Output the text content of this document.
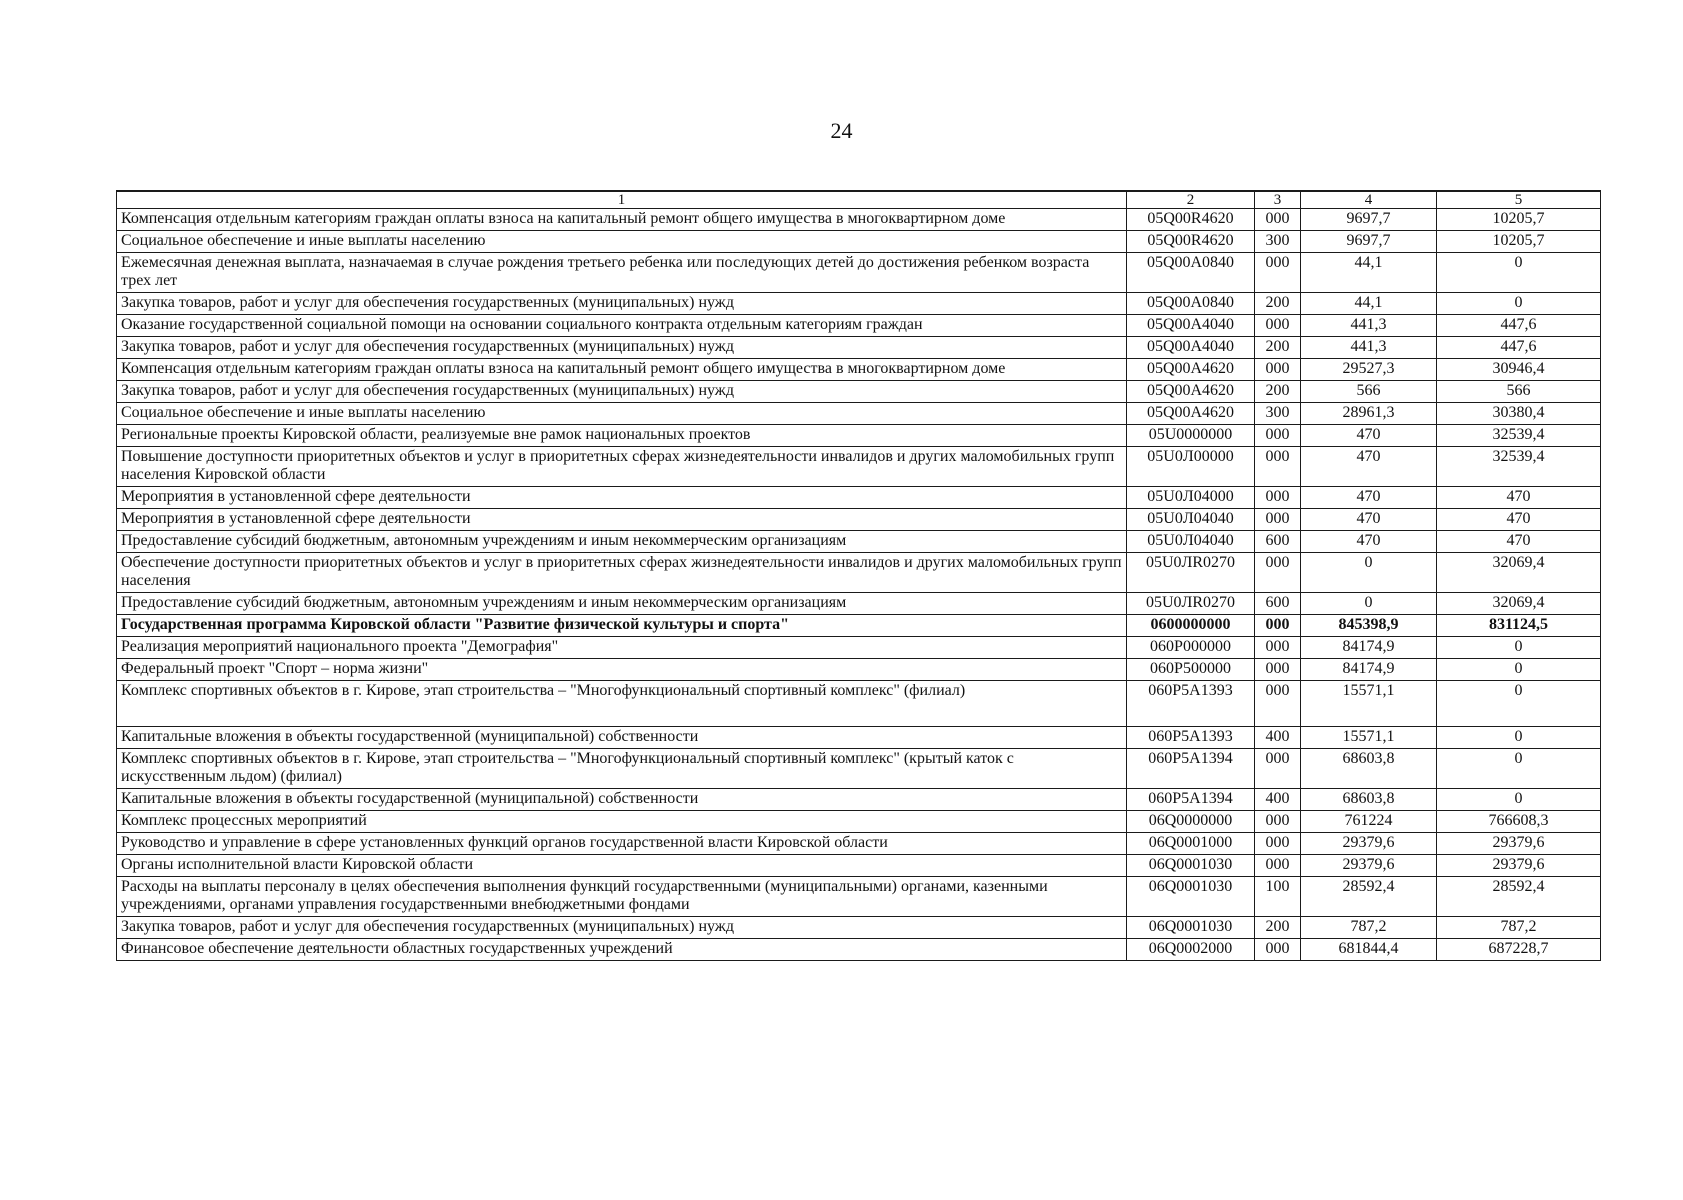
24
1	2	3	4	5
Компенсация отдельным категориям граждан оплаты взноса на капитальный ремонт общего имущества в многоквартирном доме	05Q00R4620	000	9697,7	10205,7
Социальное обеспечение и иные выплаты населению	05Q00R4620	300	9697,7	10205,7
Ежемесячная денежная выплата, назначаемая в случае рождения третьего ребенка или последующих детей до достижения ребенком возраста трех лет	05Q00A0840	000	44,1	0
Закупка товаров, работ и услуг для обеспечения государственных (муниципальных) нужд	05Q00A0840	200	44,1	0
Оказание государственной социальной помощи на основании социального контракта отдельным категориям граждан	05Q00A4040	000	441,3	447,6
Закупка товаров, работ и услуг для обеспечения государственных (муниципальных) нужд	05Q00A4040	200	441,3	447,6
Компенсация отдельным категориям граждан оплаты взноса на капитальный ремонт общего имущества в многоквартирном доме	05Q00A4620	000	29527,3	30946,4
Закупка товаров, работ и услуг для обеспечения государственных (муниципальных) нужд	05Q00A4620	200	566	566
Социальное обеспечение и иные выплаты населению	05Q00A4620	300	28961,3	30380,4
Региональные проекты Кировской области, реализуемые вне рамок национальных проектов	05U0000000	000	470	32539,4
Повышение доступности приоритетных объектов и услуг в приоритетных сферах жизнедеятельности инвалидов и других маломобильных групп населения Кировской области	05U0Л00000	000	470	32539,4
Мероприятия в установленной сфере деятельности	05U0Л04000	000	470	470
Мероприятия в установленной сфере деятельности	05U0Л04040	000	470	470
Предоставление субсидий бюджетным, автономным учреждениям и иным некоммерческим организациям	05U0Л04040	600	470	470
Обеспечение доступности приоритетных объектов и услуг в приоритетных сферах жизнедеятельности инвалидов и других маломобильных групп населения	05U0ЛR0270	000	0	32069,4
Предоставление субсидий бюджетным, автономным учреждениям и иным некоммерческим организациям	05U0ЛR0270	600	0	32069,4
Государственная программа Кировской области "Развитие физической культуры и спорта"	0600000000	000	845398,9	831124,5
Реализация мероприятий национального проекта "Демография"	060P000000	000	84174,9	0
Федеральный проект "Спорт – норма жизни"	060P500000	000	84174,9	0
Комплекс спортивных объектов в г. Кирове, этап строительства – "Многофункциональный спортивный комплекс" (филиал)	060P5A1393	000	15571,1	0
Капитальные вложения в объекты государственной (муниципальной) собственности	060P5A1393	400	15571,1	0
Комплекс спортивных объектов в г. Кирове, этап строительства – "Многофункциональный спортивный комплекс" (крытый каток с искусственным льдом) (филиал)	060P5A1394	000	68603,8	0
Капитальные вложения в объекты государственной (муниципальной) собственности	060P5A1394	400	68603,8	0
Комплекс процессных мероприятий	06Q0000000	000	761224	766608,3
Руководство и управление в сфере установленных функций органов государственной власти Кировской области	06Q0001000	000	29379,6	29379,6
Органы исполнительной власти Кировской области	06Q0001030	000	29379,6	29379,6
Расходы на выплаты персоналу в целях обеспечения выполнения функций государственными (муниципальными) органами, казенными учреждениями, органами управления государственными внебюджетными фондами	06Q0001030	100	28592,4	28592,4
Закупка товаров, работ и услуг для обеспечения государственных (муниципальных) нужд	06Q0001030	200	787,2	787,2
Финансовое обеспечение деятельности областных государственных учреждений	06Q0002000	000	681844,4	687228,7
